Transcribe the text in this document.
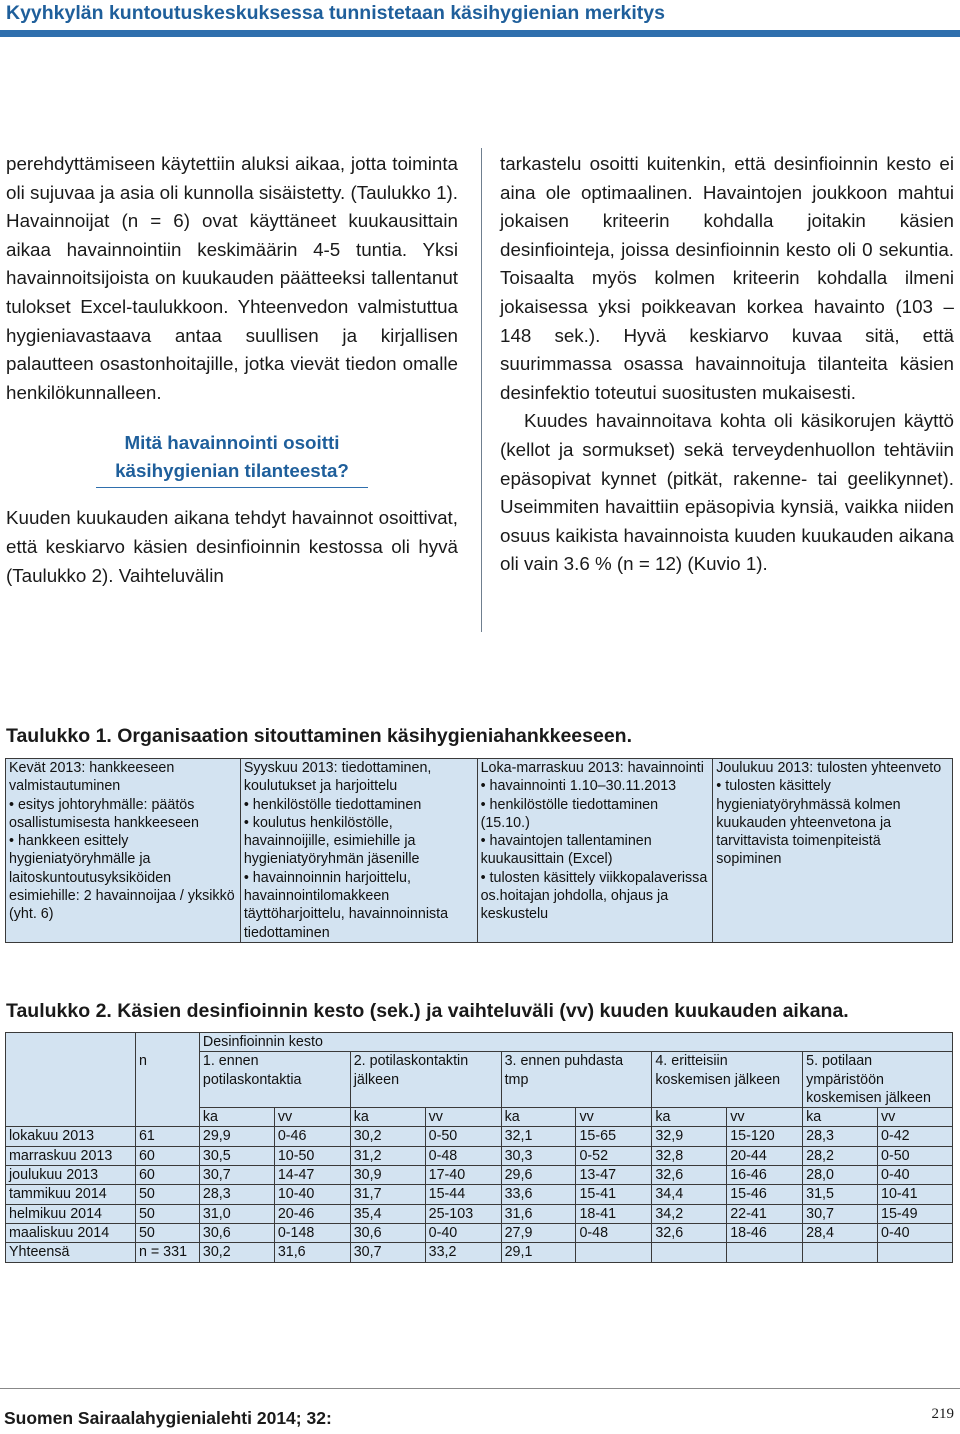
Kyyhkylän kuntoutuskeskuksessa tunnistetaan käsihygienian merkitys

perehdyttämiseen käytettiin aluksi aikaa, jotta toiminta oli sujuvaa ja asia oli kunnolla sisäistetty. (Taulukko 1). Havainnoijat (n = 6) ovat käyttäneet kuukausittain aikaa havainnointiin keskimäärin 4-5 tuntia. Yksi havainnoitsijoista on kuukauden päätteeksi tallentanut tulokset Excel-taulukkoon. Yhteenvedon valmistuttua hygieniavastaava antaa suullisen ja kirjallisen palautteen osastonhoitajille, jotka vievät tiedon omalle henkilökunnalleen.

Mitä havainnointi osoitti
käsihygienian tilanteesta?

Kuuden kuukauden aikana tehdyt havainnot osoittivat, että keskiarvo käsien desinfioinnin kestossa oli hyvä (Taulukko 2). Vaihteluvälin

tarkastelu osoitti kuitenkin, että desinfioinnin kesto ei aina ole optimaalinen. Havaintojen joukkoon mahtui jokaisen kriteerin kohdalla joitakin käsien desinfiointeja, joissa desinfioinnin kesto oli 0 sekuntia. Toisaalta myös kolmen kriteerin kohdalla ilmeni jokaisessa yksi poikkeavan korkea havainto (103 – 148 sek.). Hyvä keskiarvo kuvaa sitä, että suurimmassa osassa havainnoituja tilanteita käsien desinfektio toteutui suositusten mukaisesti.

Kuudes havainnoitava kohta oli käsikorujen käyttö (kellot ja sormukset) sekä terveydenhuollon tehtäviin epäsopivat kynnet (pitkät, rakenne- tai geelikynnet). Useimmiten havaittiin epäsopivia kynsiä, vaikka niiden osuus kaikista havainnoista kuuden kuukauden aikana oli vain 3.6 % (n = 12) (Kuvio 1).

Taulukko 1. Organisaation sitouttaminen käsihygieniahankkeeseen.
Kevät 2013: hankkeeseen valmistautuminen
• esitys johtoryhmälle: päätös osallistumisesta hankkeeseen
• hankkeen esittely hygieniatyöryhmälle ja laitoskuntoutusyksiköiden esimiehille: 2 havainnoijaa / yksikkö (yht. 6)

Syyskuu 2013: tiedottaminen, koulutukset ja harjoittelu
• henkilöstölle tiedottaminen
• koulutus henkilöstölle, havainnoijille, esimiehille ja hygieniatyöryhmän jäsenille
• havainnoinnin harjoittelu, havainnointilomakkeen täyttöharjoittelu, havainnoinnista tiedottaminen

Loka-marraskuu 2013: havainnointi
• havainnointi 1.10–30.11.2013
• henkilöstölle tiedottaminen (15.10.)
• havaintojen tallentaminen kuukausittain (Excel)
• tulosten käsittely viikkopalaverissa os.hoitajan johdolla, ohjaus ja keskustelu

Joulukuu 2013: tulosten yhteenveto
• tulosten käsittely hygieniatyöryhmässä kolmen kuukauden yhteenvetona ja tarvittavista toimenpiteistä sopiminen
Taulukko 2. Käsien desinfioinnin kesto (sek.) ja vaihteluväli (vv) kuuden kuukauden aikana.
		Desinfioinnin kesto									
	n	1. ennen potilaskontaktia		2. potilaskontaktin jälkeen		3. ennen puhdasta tmp		4. eritteisiin koskemisen jälkeen		5. potilaan ympäristöön koskemisen jälkeen	
		ka	vv	ka	vv	ka	vv	ka	vv	ka	vv
lokakuu 2013	61	29,9	0-46	30,2	0-50	32,1	15-65	32,9	15-120	28,3	0-42
marraskuu 2013	60	30,5	10-50	31,2	0-48	30,3	0-52	32,8	20-44	28,2	0-50
joulukuu 2013	60	30,7	14-47	30,9	17-40	29,6	13-47	32,6	16-46	28,0	0-40
tammikuu 2014	50	28,3	10-40	31,7	15-44	33,6	15-41	34,4	15-46	31,5	10-41
helmikuu 2014	50	31,0	20-46	35,4	25-103	31,6	18-41	34,2	22-41	30,7	15-49
maaliskuu 2014	50	30,6	0-148	30,6	0-40	27,9	0-48	32,6	18-46	28,4	0-40
Yhteensä	n = 331	30,2	31,6	30,7	33,2	29,1					
Suomen Sairaalahygienialehti 2014; 32:	219
